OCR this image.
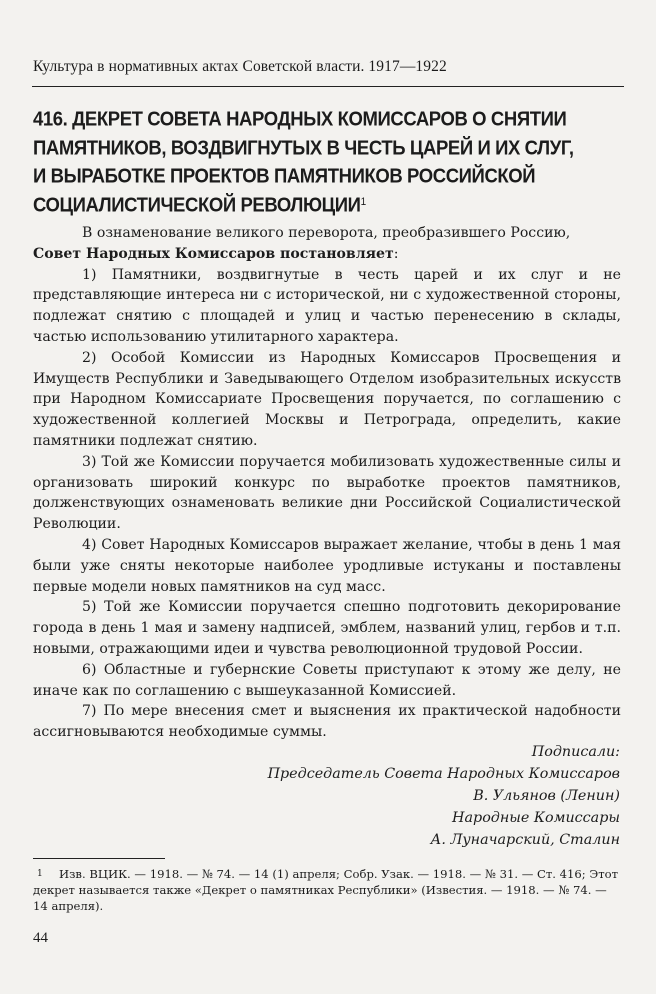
Культура в нормативных актах Советской власти. 1917—1922
416. ДЕКРЕТ СОВЕТА НАРОДНЫХ КОМИССАРОВ О СНЯТИИ
ПАМЯТНИКОВ, ВОЗДВИГНУТЫХ В ЧЕСТЬ ЦАРЕЙ И ИХ СЛУГ,
И ВЫРАБОТКЕ ПРОЕКТОВ ПАМЯТНИКОВ РОССИЙСКОЙ
СОЦИАЛИСТИЧЕСКОЙ РЕВОЛЮЦИИ$^1$

В ознаменование великого переворота, преобразившего Россию,

Совет Народных Комиссаров постановляет:

1) Памятники, воздвигнутые в честь царей и их слуг и не представляющие интереса ни с исторической, ни с художественной стороны, подлежат снятию с площадей и улиц и частью перенесению в склады, частью использованию утилитарного характера.

2) Особой Комиссии из Народных Комиссаров Просвещения и Имуществ Республики и Заведывающего Отделом изобразительных искусств при Народном Комиссариате Просвещения поручается, по соглашению с художественной коллегией Москвы и Петрограда, определить, какие памятники подлежат снятию.

3) Той же Комиссии поручается мобилизовать художественные силы и организовать широкий конкурс по выработке проектов памятников, долженствующих ознаменовать великие дни Российской Социалистической Революции.

4) Совет Народных Комиссаров выражает желание, чтобы в день 1 мая были уже сняты некоторые наиболее уродливые истуканы и поставлены первые модели новых памятников на суд масс.

5) Той же Комиссии поручается спешно подготовить декорирование города в день 1 мая и замену надписей, эмблем, названий улиц, гербов и т.п. новыми, отражающими идеи и чувства революционной трудовой России.

6) Областные и губернские Советы приступают к этому же делу, не иначе как по соглашению с вышеуказанной Комиссией.

7) По мере внесения смет и выяснения их практической надобности ассигновываются необходимые суммы.

Подписали:
Председатель Совета Народных Комиссаров
В. Ульянов (Ленин)
Народные Комиссары
А. Луначарский, Сталин
1 Изв. ВЦИК. — 1918. — № 74. — 14 (1) апреля; Собр. Узак. — 1918. — № 31. — Ст. 416; Этот декрет называется также «Декрет о памятниках Республики» (Известия. — 1918. — № 74. — 14 апреля).
44
